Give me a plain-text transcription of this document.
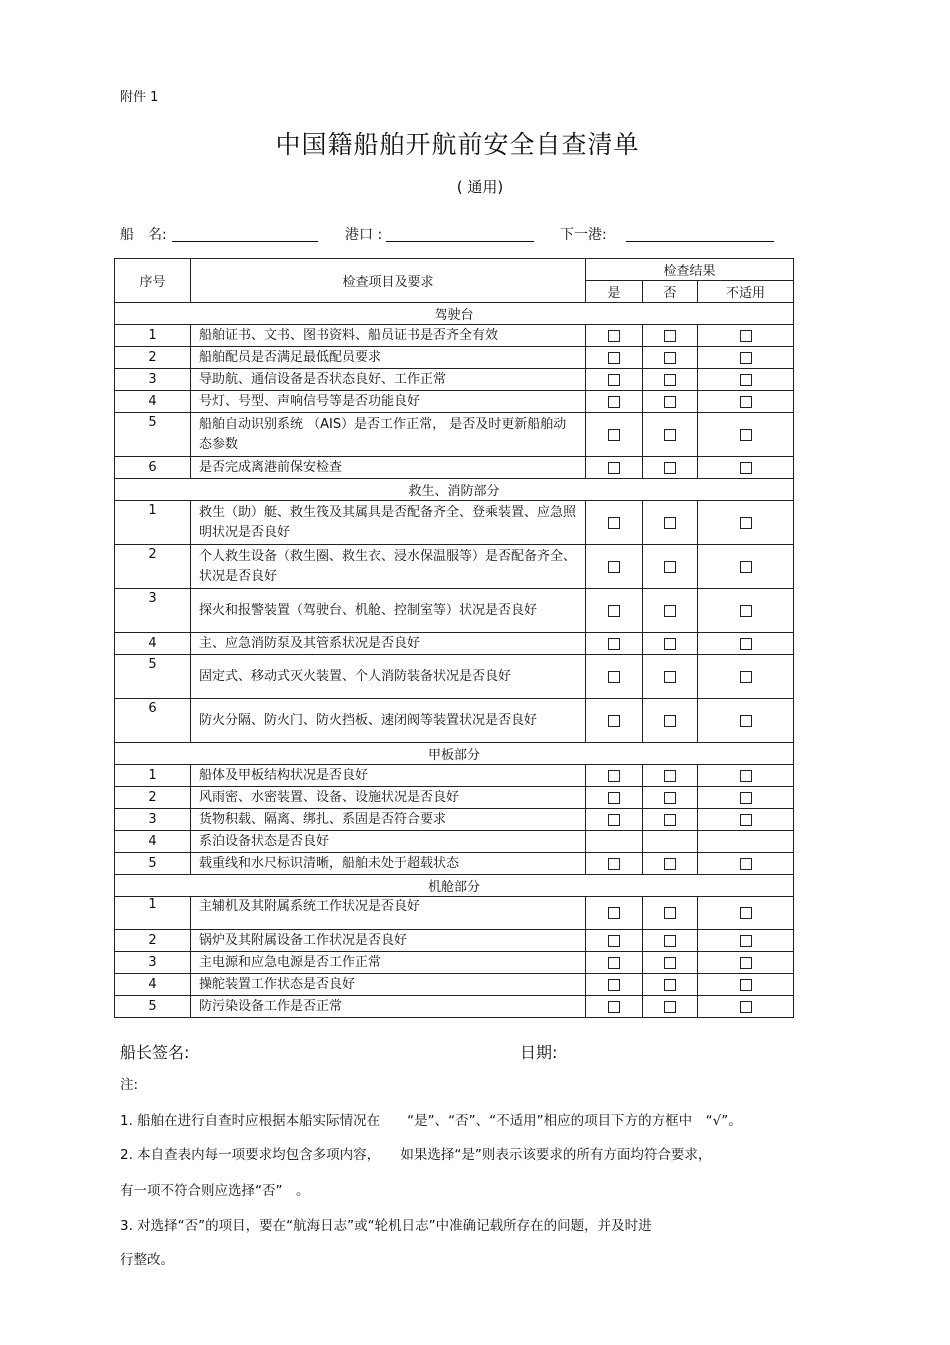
附件 1
中国籍船舶开航前安全自查清单
( 通用)
船　名:	港口 :	下一港:
序号	检查项目及要求	检查结果		
		是	否	不适用
驾驶台				
1	船舶证书、文书、图书资料、船员证书是否齐全有效			
2	船舶配员是否满足最低配员要求			
3	导助航、通信设备是否状态良好、工作正常			
4	号灯、号型、声响信号等是否功能良好			
5	船舶自动识别系统 （AIS）是否工作正常， 是否及时更新船舶动态参数			
6	是否完成离港前保安检查			
救生、消防部分				
1	救生（助）艇、救生筏及其属具是否配备齐全、登乘装置、应急照明状况是否良好			
2	个人救生设备（救生圈、救生衣、浸水保温服等）是否配备齐全、状况是否良好			
3	探火和报警装置（驾驶台、机舱、控制室等）状况是否良好			
4	主、应急消防泵及其管系状况是否良好			
5	固定式、移动式灭火装置、个人消防装备状况是否良好			
6	防火分隔、防火门、防火挡板、速闭阀等装置状况是否良好			
甲板部分				
1	船体及甲板结构状况是否良好			
2	风雨密、水密装置、设备、设施状况是否良好			
3	货物积载、隔离、绑扎、系固是否符合要求			
4	系泊设备状态是否良好			
5	载重线和水尺标识清晰，船舶未处于超载状态			
机舱部分				
1	主辅机及其附属系统工作状况是否良好			
2	锅炉及其附属设备工作状况是否良好			
3	主电源和应急电源是否工作正常			
4	操舵装置工作状态是否良好			
5	防污染设备工作是否正常			
船长签名:	日期:

注:

1. 船舶在进行自查时应根据本船实际情况在　　“是”、“否”、“不适用”相应的项目下方的方框中　“√”。

2. 本自查表内每一项要求均包含多项内容，　　如果选择“是”则表示该要求的所有方面均符合要求，

有一项不符合则应选择“否”　。

3. 对选择“否”的项目，要在“航海日志”或“轮机日志”中准确记载所存在的问题，并及时进

行整改。
